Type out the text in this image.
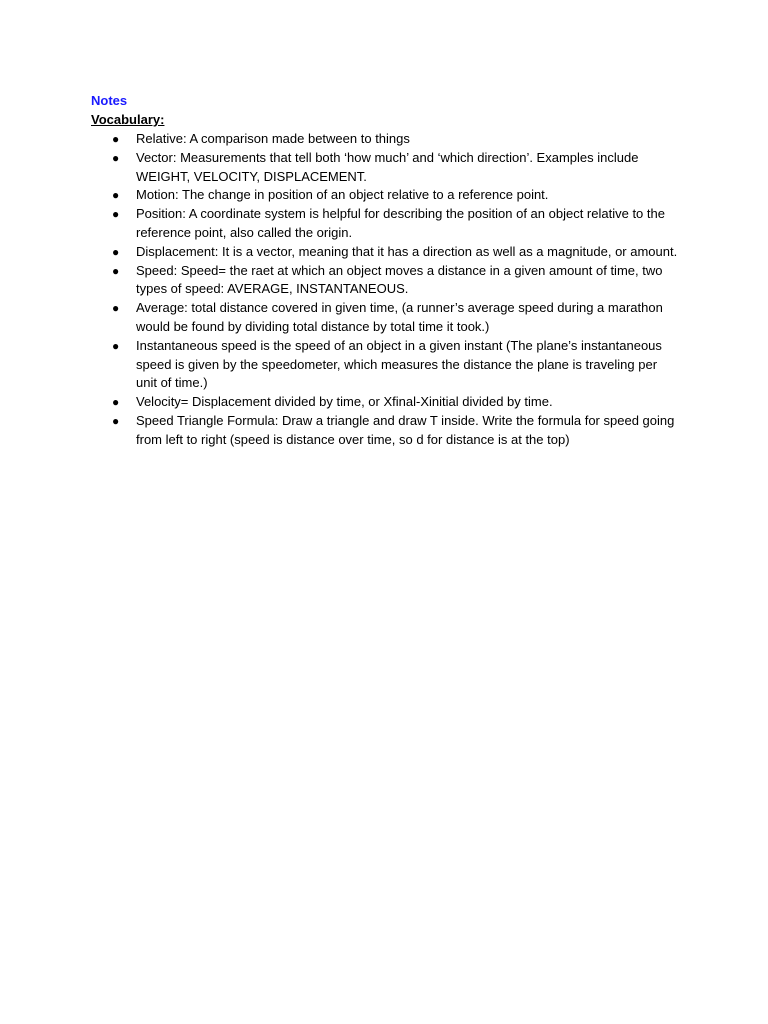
Notes
Vocabulary:
● Relative: A comparison made between to things
● Vector: Measurements that tell both ‘how much’ and ‘which direction’. Examples include WEIGHT, VELOCITY, DISPLACEMENT.
● Motion: The change in position of an object relative to a reference point.
● Position: A coordinate system is helpful for describing the position of an object relative to the reference point, also called the origin.
● Displacement: It is a vector, meaning that it has a direction as well as a magnitude, or amount.
● Speed: Speed= the raet at which an object moves a distance in a given amount of time, two types of speed: AVERAGE, INSTANTANEOUS.
● Average: total distance covered in given time, (a runner’s average speed during a marathon would be found by dividing total distance by total time it took.)
● Instantaneous speed is the speed of an object in a given instant (The plane’s instantaneous speed is given by the speedometer, which measures the distance the plane is traveling per unit of time.)
● Velocity= Displacement divided by time, or Xfinal-Xinitial divided by time.
● Speed Triangle Formula: Draw a triangle and draw T inside. Write the formula for speed going from left to right (speed is distance over time, so d for distance is at the top)
